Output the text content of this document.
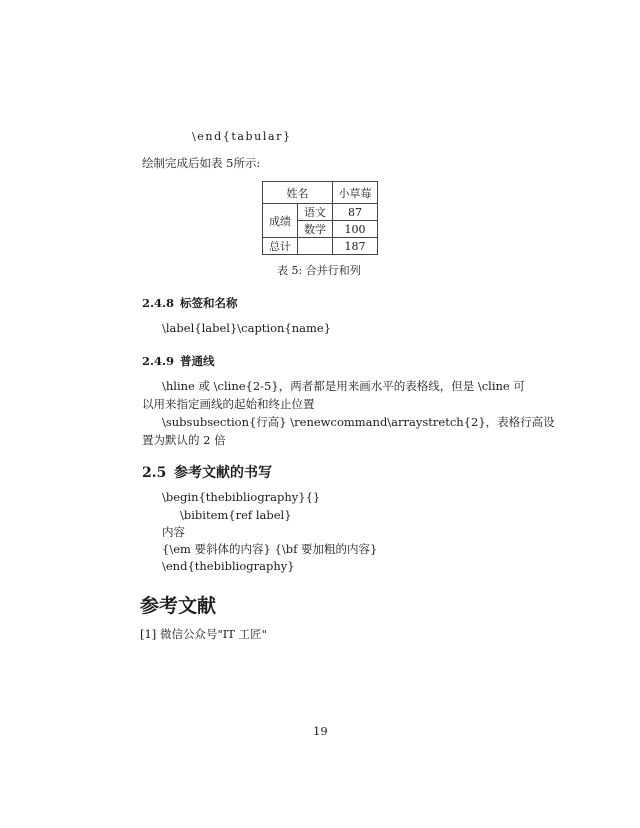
\end{tabular}
绘制完成后如表 5所示:
姓名		小草莓
成绩	语文	87
	数学	100
总计		187
表 5: 合并行和列
2.4.8 标签和名称
\label{label}\caption{name}
2.4.9 普通线
\hline 或 \cline{2-5}，两者都是用来画水平的表格线，但是 \cline 可
以用来指定画线的起始和终止位置
\subsubsection{行高} \renewcommand\arraystretch{2}，表格行高设
置为默认的 2 倍
2.5 参考文献的书写
\begin{thebibliography}{}
\bibitem{ref label}
内容
{\em 要斜体的内容} {\bf 要加粗的内容}
\end{thebibliography}
参考文献
[1] 微信公众号"IT 工匠"
19
